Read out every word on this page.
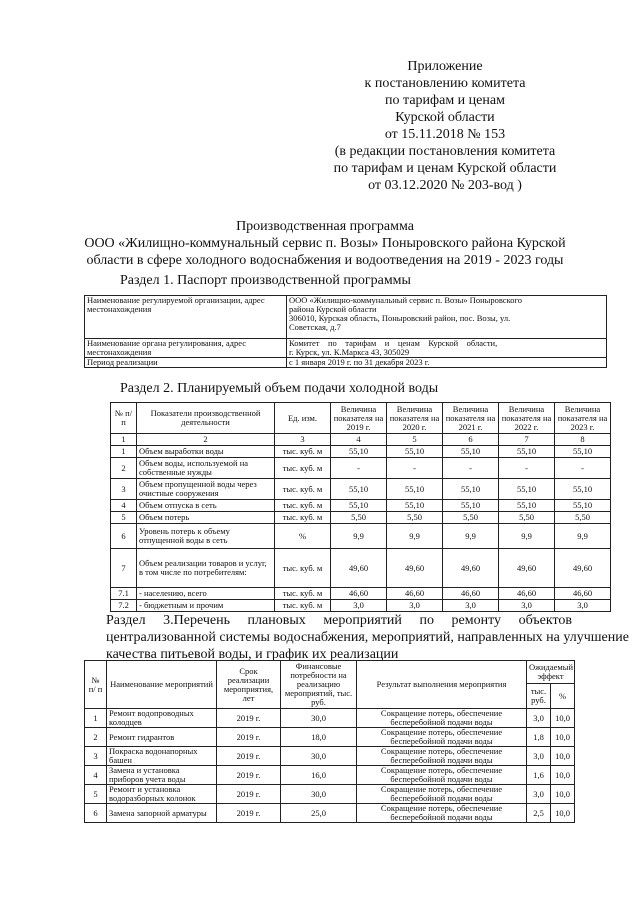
Приложение
к постановлению комитета
по тарифам и ценам
Курской области
от 15.11.2018 № 153
(в редакции постановления комитета
по тарифам и ценам Курской области
от 03.12.2020 № 203-вод )
Производственная программа
ООО «Жилищно-коммунальный сервис п. Возы» Поныровского района Курской
области в сфере холодного водоснабжения и водоотведения на 2019 - 2023 годы
Раздел 1. Паспорт производственной программы
Наименование регулируемой организации, адрес местонахождения	ООО «Жилищно-коммунальный сервис п. Возы» Поныровского
района Курской области
306010, Курская область, Поныровский район, пос. Возы, ул.
Советская, д.7

Наименование органа регулирования, адрес местонахождения	Комитет    по    тарифам    и    ценам    Курской    области,
г. Курск, ул. К.Маркса 43, 305029

Период реализации	с 1 января 2019 г. по 31 декабря 2023 г.
Раздел 2. Планируемый объем подачи холодной воды
№ п/п	Показатели производственной деятельности	Ед. изм.	Величина показателя на 2019 г.	Величина показателя на 2020 г.	Величина показателя на 2021 г.	Величина показателя на 2022 г.	Величина показателя на 2023 г.
1	2	3	4	5	6	7	8
1	Объем выработки воды	тыс. куб. м	55,10	55,10	55,10	55,10	55,10
2	Объем воды, используемой на собственные нужды	тыс. куб. м	-	-	-	-	-
3	Объем пропущенной воды через очистные сооружения	тыс. куб. м	55,10	55,10	55,10	55,10	55,10
4	Объем отпуска в сеть	тыс. куб. м	55,10	55,10	55,10	55,10	55,10
5	Объем потерь	тыс. куб. м	5,50	5,50	5,50	5,50	5,50
6	Уровень потерь к объему отпущенной воды в сеть	%	9,9	9,9	9,9	9,9	9,9
7	Объем реализации товаров и услуг, в том числе по потребителям:	тыс. куб. м	49,60	49,60	49,60	49,60	49,60
7.1	- населению, всего	тыс. куб. м	46,60	46,60	46,60	46,60	46,60
7.2	- бюджетным и прочим	тыс. куб. м	3,0	3,0	3,0	3,0	3,0
Раздел 3.Перечень плановых мероприятий по ремонту объектов
централизованной системы водоснабжения, мероприятий, направленных на улучшение
качества питьевой воды, и график их реализации
№ п/ п	Наименование мероприятий	Срок реализации мероприятия, лет	Финансовые потребности на реализацию мероприятий, тыс. руб.	Результат выполнения мероприятия	Ожидаемый эффект	
					тыс. руб.	%
1	Ремонт водопроводных колодцев	2019 г.	30,0	Сокращение потерь, обеспечение бесперебойной подачи воды	3,0	10,0
2	Ремонт гидрантов	2019 г.	18,0	Сокращение потерь, обеспечение бесперебойной подачи воды	1,8	10,0
3	Покраска водонапорных башен	2019 г.	30,0	Сокращение потерь, обеспечение бесперебойной подачи воды	3,0	10,0
4	Замена и установка приборов учета воды	2019 г.	16,0	Сокращение потерь, обеспечение бесперебойной подачи воды	1,6	10,0
5	Ремонт и установка водоразборных колонок	2019 г.	30,0	Сокращение потерь, обеспечение бесперебойной подачи воды	3,0	10,0
6	Замена запорной арматуры	2019 г.	25,0	Сокращение потерь, обеспечение бесперебойной подачи воды	2,5	10,0
